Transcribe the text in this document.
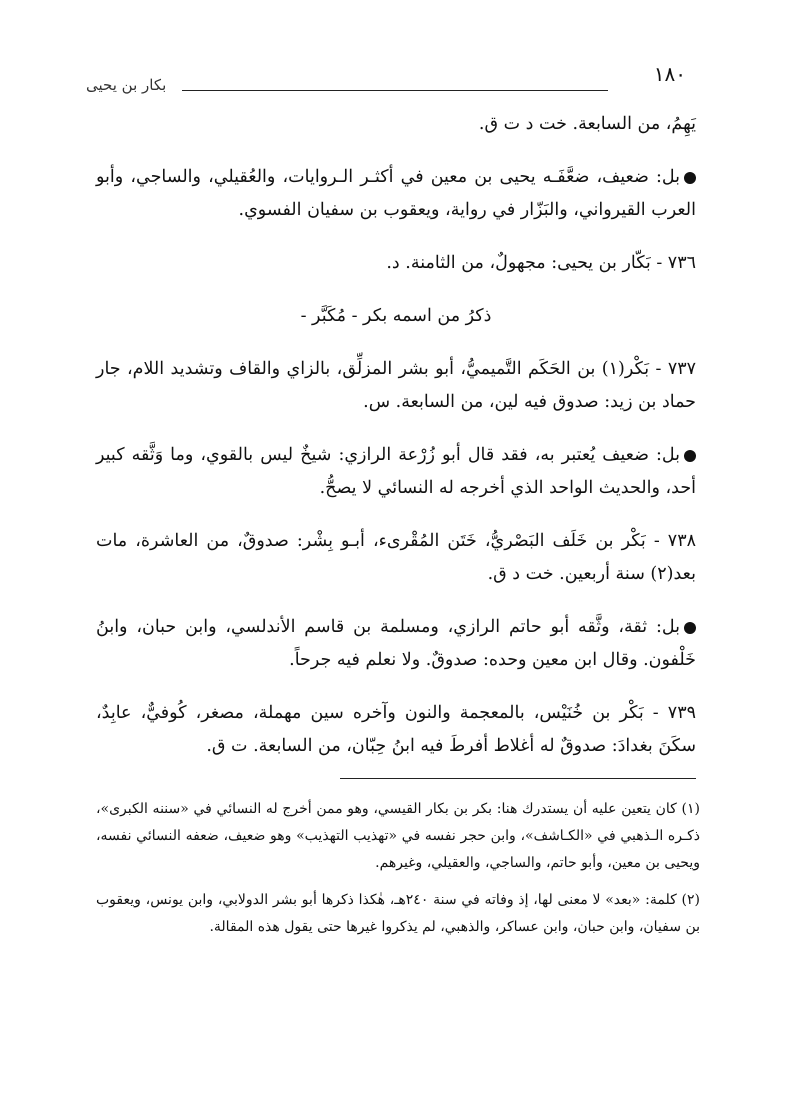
١٨٠
بكار بن يحيى

يَهِمُ، من السابعة. خت د ت ق.

بل: ضعيف، ضعَّفَـه يحيى بن معين في أكثـر الـروايات، والعُقيلي، والساجي، وأبو العرب القيرواني، والبَزّار في رواية، ويعقوب بن سفيان الفسوي.

٧٣٦ - بَكّار بن يحيى: مجهولٌ، من الثامنة. د.

ذكرُ من اسمه بكر - مُكَبَّر -

٧٣٧ - بَكْر(١) بن الحَكَم التَّميميُّ، أبو بشر المزلِّق، بالزاي والقاف وتشديد اللام، جار حماد بن زيد: صدوق فيه لين، من السابعة. س.

بل: ضعيف يُعتبر به، فقد قال أبو زُرْعة الرازي: شيخٌ ليس بالقوي، وما وَثَّقه كبير أحد، والحديث الواحد الذي أخرجه له النسائي لا يصحُّ.

٧٣٨ - بَكْر بن خَلَف البَصْريُّ، خَتَن المُقْرىء، أبـو بِشْر: صدوقٌ، من العاشرة، مات بعد(٢) سنة أربعين. خت د ق.

بل: ثقة، وثَّقه أبو حاتم الرازي، ومسلمة بن قاسم الأندلسي، وابن حبان، وابنُ خَلْفون. وقال ابن معين وحده: صدوقٌ. ولا نعلم فيه جرحاً.

٧٣٩ - بَكْر بن خُنَيْس، بالمعجمة والنون وآخره سين مهملة، مصغر، كُوفيٌّ، عابِدٌ، سكَنَ بغدادَ: صدوقٌ له أغلاط أفرطَ فيه ابنُ حِبّان، من السابعة. ت ق.

(١) كان يتعين عليه أن يستدرك هنا: بكر بن بكار القيسي، وهو ممن أخرج له النسائي في «سننه الكبرى»، ذكـره الـذهبي في «الكـاشف»، وابن حجر نفسه في «تهذيب التهذيب» وهو ضعيف، ضعفه النسائي نفسه، ويحيى بن معين، وأبو حاتم، والساجي، والعقيلي، وغيرهم.

(٢) كلمة: «بعد» لا معنى لها، إذ وفاته في سنة ٢٤٠هـ، هٰكذا ذكرها أبو بشر الدولابي، وابن يونس، ويعقوب بن سفيان، وابن حبان، وابن عساكر، والذهبي، لم يذكروا غيرها حتى يقول هذه المقالة.
